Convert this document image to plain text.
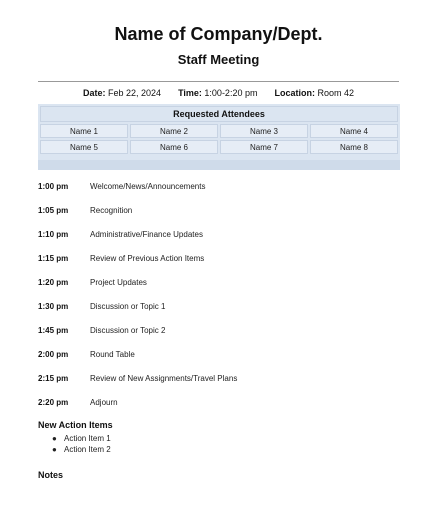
Name of Company/Dept.
Staff Meeting
Date: Feb 22, 2024 Time: 1:00-2:20 pm Location: Room 42
Requested Attendees
Name 1	Name 2	Name 3	Name 4
Name 5	Name 6	Name 7	Name 8
1:00 pm	Welcome/News/Announcements
1:05 pm	Recognition
1:10 pm	Administrative/Finance Updates
1:15 pm	Review of Previous Action Items
1:20 pm	Project Updates
1:30 pm	Discussion or Topic 1
1:45 pm	Discussion or Topic 2
2:00 pm	Round Table
2:15 pm	Review of New Assignments/Travel Plans
2:20 pm	Adjourn
New Action Items
● Action Item 1
● Action Item 2
Notes
